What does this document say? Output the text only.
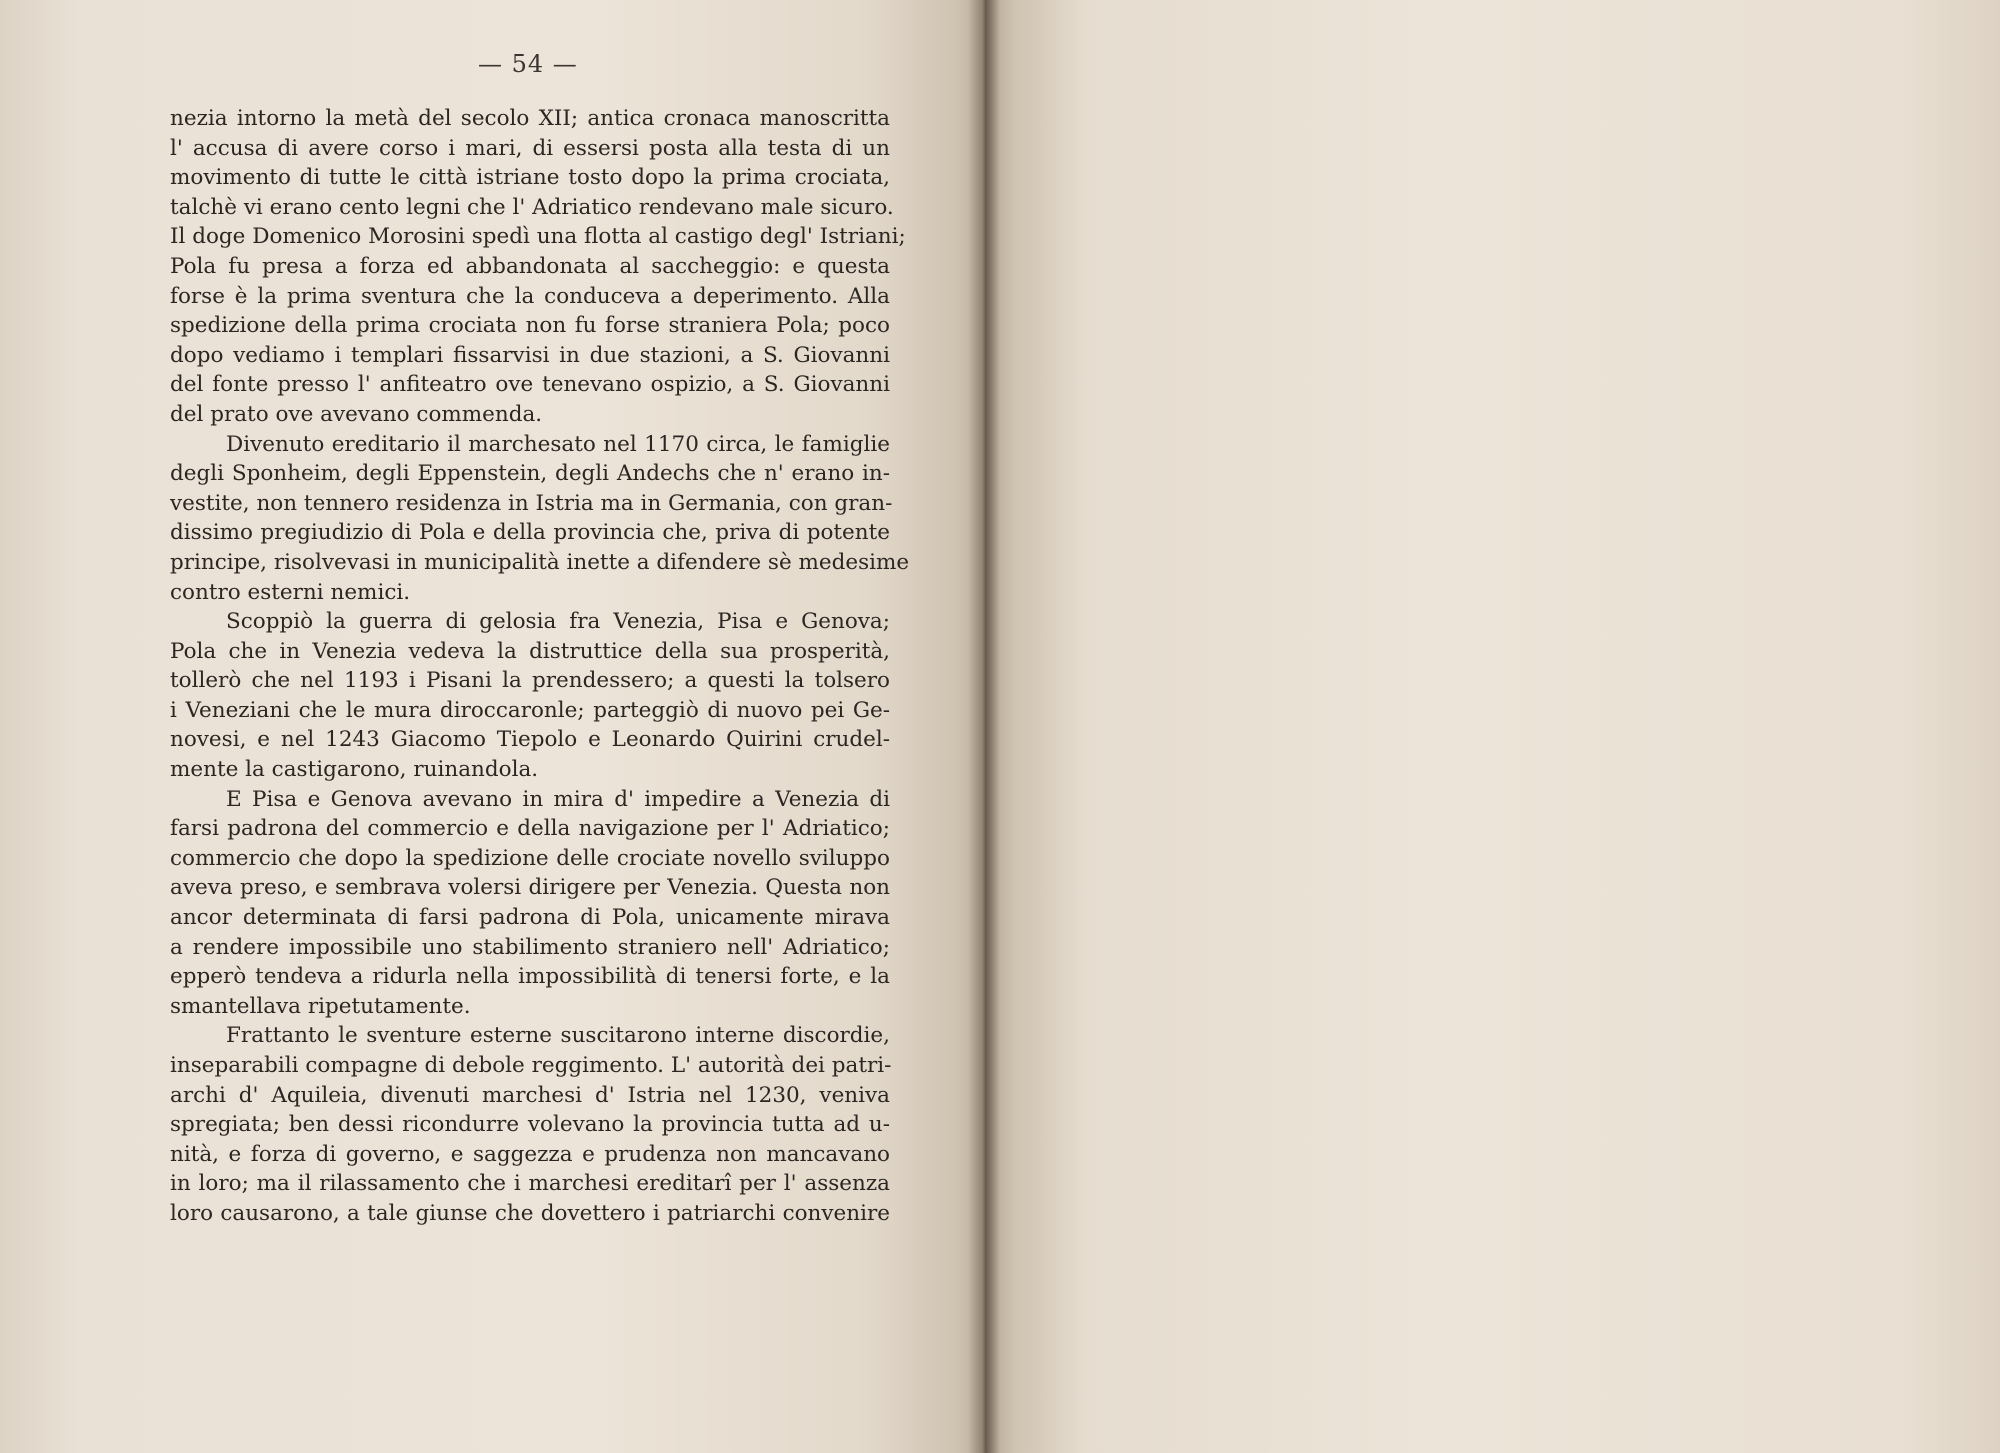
— 54 —
nezia intorno la metà del secolo XII; antica cronaca manoscritta
l' accusa di avere corso i mari, di essersi posta alla testa di un
movimento di tutte le città istriane tosto dopo la prima crociata,
talchè vi erano cento legni che l' Adriatico rendevano male sicuro.
Il doge Domenico Morosini spedì una flotta al castigo degl' Istriani;
Pola fu presa a forza ed abbandonata al saccheggio: e questa
forse è la prima sventura che la conduceva a deperimento. Alla
spedizione della prima crociata non fu forse straniera Pola; poco
dopo vediamo i templari fissarvisi in due stazioni, a S. Giovanni
del fonte presso l' anfiteatro ove tenevano ospizio, a S. Giovanni
del prato ove avevano commenda.
Divenuto ereditario il marchesato nel 1170 circa, le famiglie
degli Sponheim, degli Eppenstein, degli Andechs che n' erano in-
vestite, non tennero residenza in Istria ma in Germania, con gran-
dissimo pregiudizio di Pola e della provincia che, priva di potente
principe, risolvevasi in municipalità inette a difendere sè medesime
contro esterni nemici.
Scoppiò la guerra di gelosia fra Venezia, Pisa e Genova;
Pola che in Venezia vedeva la distruttice della sua prosperità,
tollerò che nel 1193 i Pisani la prendessero; a questi la tolsero
i Veneziani che le mura diroccaronle; parteggiò di nuovo pei Ge-
novesi, e nel 1243 Giacomo Tiepolo e Leonardo Quirini crudel-
mente la castigarono, ruinandola.
E Pisa e Genova avevano in mira d' impedire a Venezia di
farsi padrona del commercio e della navigazione per l' Adriatico;
commercio che dopo la spedizione delle crociate novello sviluppo
aveva preso, e sembrava volersi dirigere per Venezia. Questa non
ancor determinata di farsi padrona di Pola, unicamente mirava
a rendere impossibile uno stabilimento straniero nell' Adriatico;
epperò tendeva a ridurla nella impossibilità di tenersi forte, e la
smantellava ripetutamente.
Frattanto le sventure esterne suscitarono interne discordie,
inseparabili compagne di debole reggimento. L' autorità dei patri-
archi d' Aquileia, divenuti marchesi d' Istria nel 1230, veniva
spregiata; ben dessi ricondurre volevano la provincia tutta ad u-
nità, e forza di governo, e saggezza e prudenza non mancavano
in loro; ma il rilassamento che i marchesi ereditarî per l' assenza
loro causarono, a tale giunse che dovettero i patriarchi convenire
